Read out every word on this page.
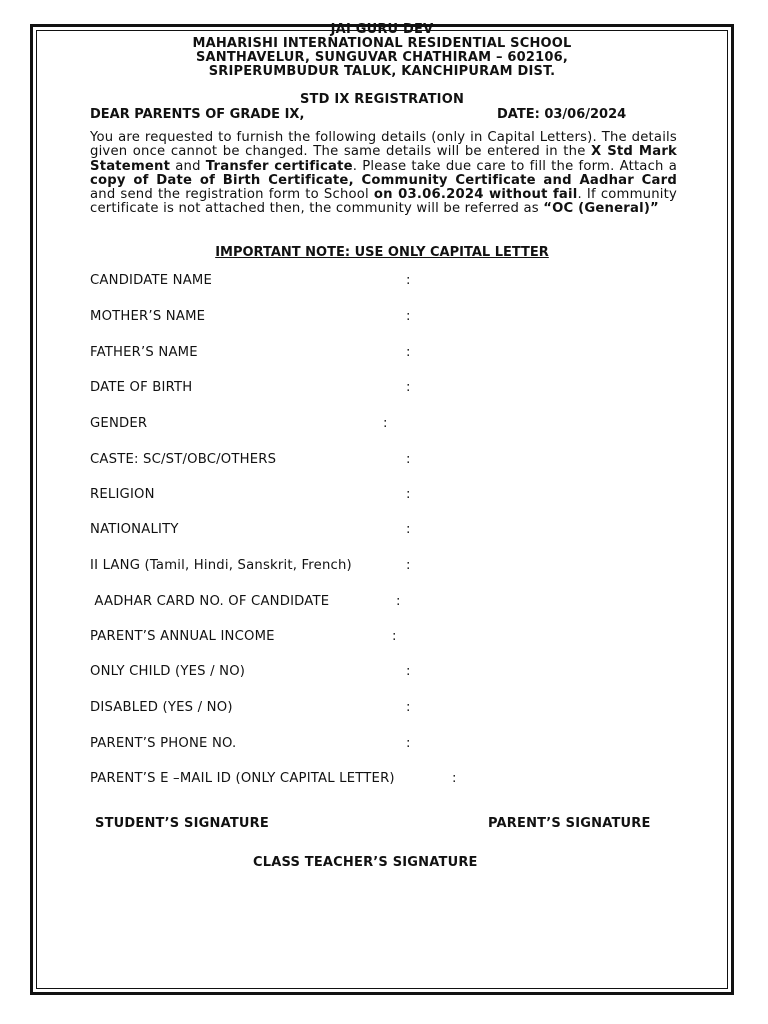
JAI GURU DEV
MAHARISHI INTERNATIONAL RESIDENTIAL SCHOOL
SANTHAVELUR, SUNGUVAR CHATHIRAM – 602106,
SRIPERUMBUDUR TALUK, KANCHIPURAM DIST.
STD IX REGISTRATION
DEAR PARENTS OF GRADE IX,	DATE: 03/06/2024
You are requested to furnish the following details (only in Capital Letters). The details given once cannot be changed. The same details will be entered in the X Std Mark Statement and Transfer certificate. Please take due care to fill the form. Attach a copy of Date of Birth Certificate, Community Certificate and Aadhar Card and send the registration form to School on 03.06.2024 without fail. If community certificate is not attached then, the community will be referred as “OC (General)”
IMPORTANT NOTE: USE ONLY CAPITAL LETTER
CANDIDATE NAME	:
MOTHER’S NAME	:
FATHER’S NAME	:
DATE OF BIRTH	:
GENDER	:
CASTE: SC/ST/OBC/OTHERS	:
RELIGION	:
NATIONALITY	:
II LANG (Tamil, Hindi, Sanskrit, French)	:
AADHAR CARD NO. OF CANDIDATE	:
PARENT’S ANNUAL INCOME	:
ONLY CHILD (YES / NO)	:
DISABLED (YES / NO)	:
PARENT’S PHONE NO.	:
PARENT’S E –MAIL ID (ONLY CAPITAL LETTER)	:
STUDENT’S SIGNATURE	PARENT’S SIGNATURE
CLASS TEACHER’S SIGNATURE
